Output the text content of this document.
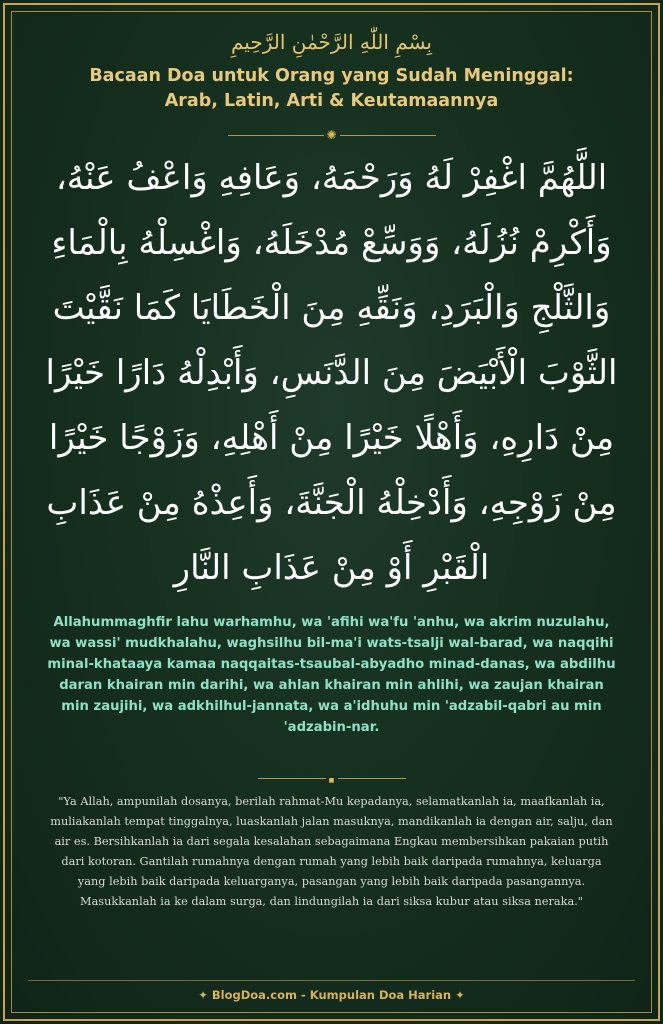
بِسْمِ اللّٰهِ الرَّحْمٰنِ الرَّحِيمِ
Bacaan Doa untuk Orang yang Sudah Meninggal:
Arab, Latin, Arti & Keutamaannya
✺
اللَّهُمَّ اغْفِرْ لَهُ وَرَحْمَهُ، وَعَافِهِ وَاعْفُ عَنْهُ، وَأَكْرِمْ نُزُلَهُ، وَوَسِّعْ مُدْخَلَهُ، وَاغْسِلْهُ بِالْمَاءِ وَالثَّلْجِ وَالْبَرَدِ، وَنَقِّهِ مِنَ الْخَطَايَا كَمَا نَقَّيْتَ الثَّوْبَ الْأَبْيَضَ مِنَ الدَّنَسِ، وَأَبْدِلْهُ دَارًا خَيْرًا مِنْ دَارِهِ، وَأَهْلًا خَيْرًا مِنْ أَهْلِهِ، وَزَوْجًا خَيْرًا مِنْ زَوْجِهِ، وَأَدْخِلْهُ الْجَنَّةَ، وَأَعِذْهُ مِنْ عَذَابِ الْقَبْرِ أَوْ مِنْ عَذَابِ النَّارِ
Allahummaghfir lahu warhamhu, wa 'afihi wa'fu 'anhu, wa akrim nuzulahu, wa wassi' mudkhalahu, waghsilhu bil-ma'i wats-tsalji wal-barad, wa naqqihi minal-khataaya kamaa naqqaitas-tsaubal-abyadho minad-danas, wa abdilhu daran khairan min darihi, wa ahlan khairan min ahlihi, wa zaujan khairan min zaujihi, wa adkhilhul-jannata, wa a'idhuhu min 'adzabil-qabri au min 'adzabin-nar.
■
"Ya Allah, ampunilah dosanya, berilah rahmat-Mu kepadanya, selamatkanlah ia, maafkanlah ia, muliakanlah tempat tinggalnya, luaskanlah jalan masuknya, mandikanlah ia dengan air, salju, dan air es. Bersihkanlah ia dari segala kesalahan sebagaimana Engkau membersihkan pakaian putih dari kotoran. Gantilah rumahnya dengan rumah yang lebih baik daripada rumahnya, keluarga yang lebih baik daripada keluarganya, pasangan yang lebih baik daripada pasangannya. Masukkanlah ia ke dalam surga, dan lindungilah ia dari siksa kubur atau siksa neraka."
✦ BlogDoa.com - Kumpulan Doa Harian ✦
